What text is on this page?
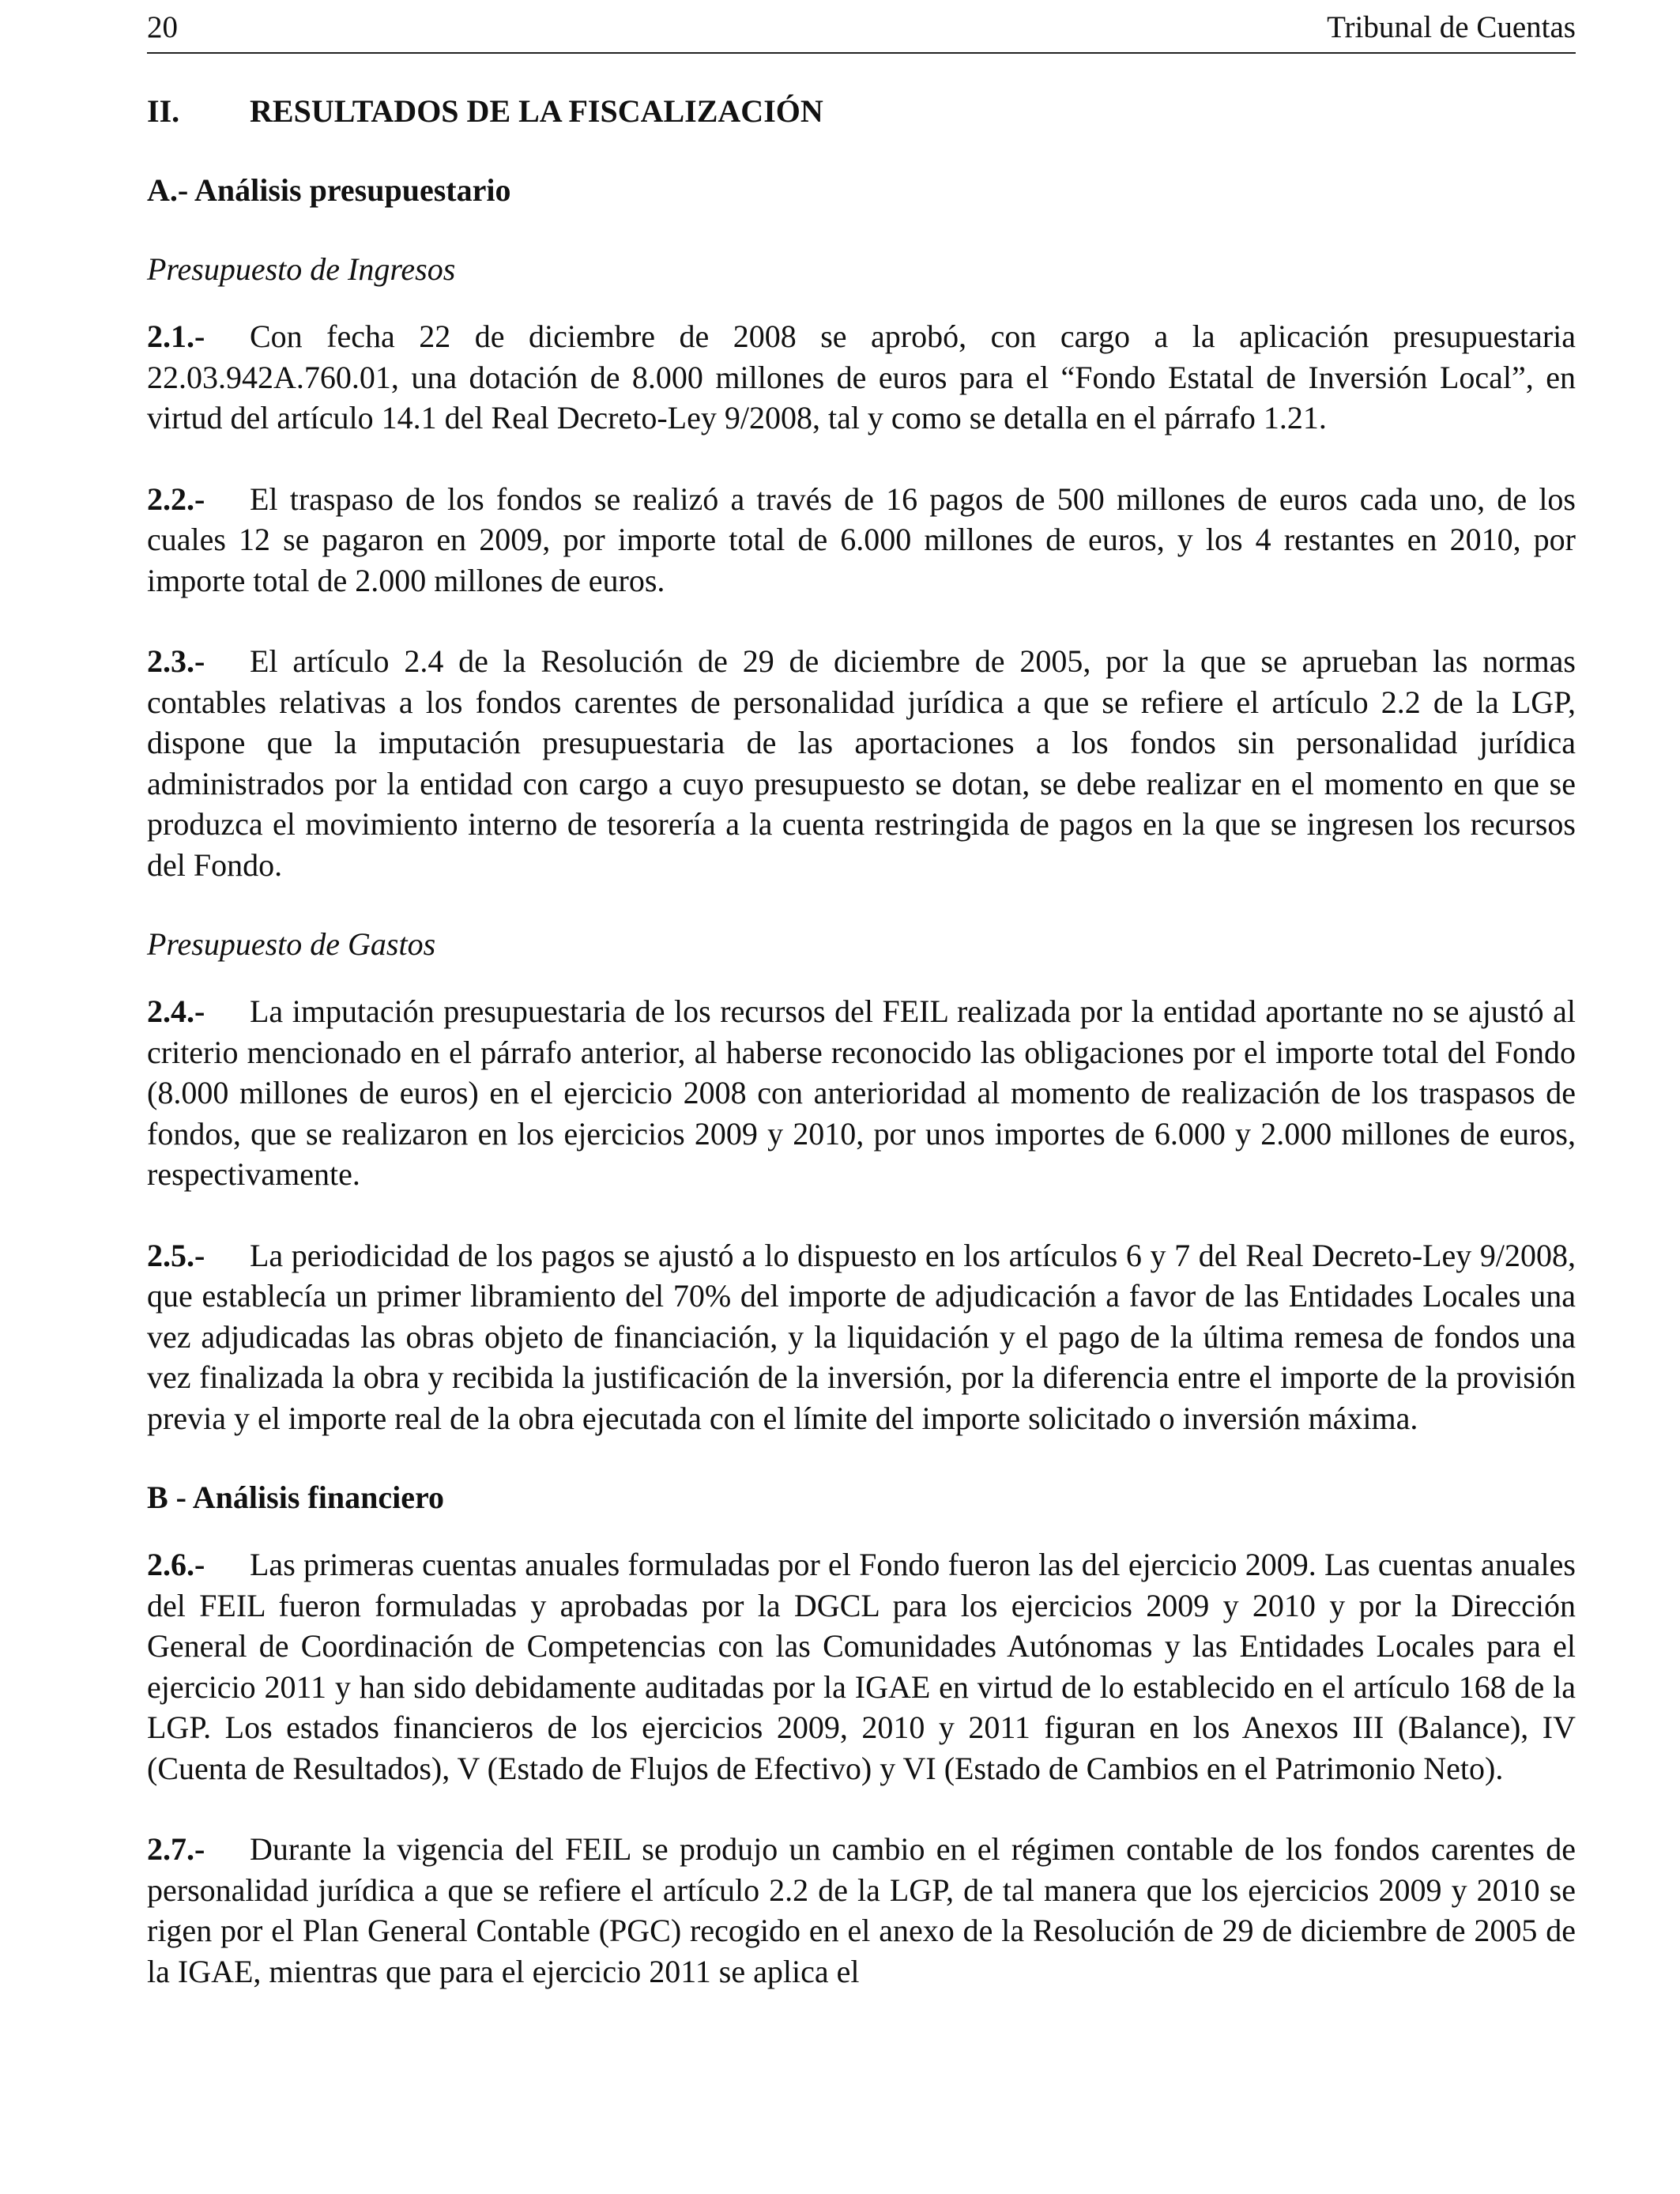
20	Tribunal de Cuentas
II.	RESULTADOS DE LA FISCALIZACIÓN
A.- Análisis presupuestario
Presupuesto de Ingresos

2.1.- Con fecha 22 de diciembre de 2008 se aprobó, con cargo a la aplicación presupuestaria 22.03.942A.760.01, una dotación de 8.000 millones de euros para el “Fondo Estatal de Inversión Local”, en virtud del artículo 14.1 del Real Decreto-Ley 9/2008, tal y como se detalla en el párrafo 1.21.

2.2.- El traspaso de los fondos se realizó a través de 16 pagos de 500 millones de euros cada uno, de los cuales 12 se pagaron en 2009, por importe total de 6.000 millones de euros, y los 4 restantes en 2010, por importe total de 2.000 millones de euros.

2.3.- El artículo 2.4 de la Resolución de 29 de diciembre de 2005, por la que se aprueban las normas contables relativas a los fondos carentes de personalidad jurídica a que se refiere el artículo 2.2 de la LGP, dispone que la imputación presupuestaria de las aportaciones a los fondos sin personalidad jurídica administrados por la entidad con cargo a cuyo presupuesto se dotan, se debe realizar en el momento en que se produzca el movimiento interno de tesorería a la cuenta restringida de pagos en la que se ingresen los recursos del Fondo.

Presupuesto de Gastos

2.4.- La imputación presupuestaria de los recursos del FEIL realizada por la entidad aportante no se ajustó al criterio mencionado en el párrafo anterior, al haberse reconocido las obligaciones por el importe total del Fondo (8.000 millones de euros) en el ejercicio 2008 con anterioridad al momento de realización de los traspasos de fondos, que se realizaron en los ejercicios 2009 y 2010, por unos importes de 6.000 y 2.000 millones de euros, respectivamente.

2.5.- La periodicidad de los pagos se ajustó a lo dispuesto en los artículos 6 y 7 del Real Decreto-Ley 9/2008, que establecía un primer libramiento del 70% del importe de adjudicación a favor de las Entidades Locales una vez adjudicadas las obras objeto de financiación, y la liquidación y el pago de la última remesa de fondos una vez finalizada la obra y recibida la justificación de la inversión, por la diferencia entre el importe de la provisión previa y el importe real de la obra ejecutada con el límite del importe solicitado o inversión máxima.

B - Análisis financiero

2.6.- Las primeras cuentas anuales formuladas por el Fondo fueron las del ejercicio 2009. Las cuentas anuales del FEIL fueron formuladas y aprobadas por la DGCL para los ejercicios 2009 y 2010 y por la Dirección General de Coordinación de Competencias con las Comunidades Autónomas y las Entidades Locales para el ejercicio 2011 y han sido debidamente auditadas por la IGAE en virtud de lo establecido en el artículo 168 de la LGP. Los estados financieros de los ejercicios 2009, 2010 y 2011 figuran en los Anexos III (Balance), IV (Cuenta de Resultados), V (Estado de Flujos de Efectivo) y VI (Estado de Cambios en el Patrimonio Neto).

2.7.- Durante la vigencia del FEIL se produjo un cambio en el régimen contable de los fondos carentes de personalidad jurídica a que se refiere el artículo 2.2 de la LGP, de tal manera que los ejercicios 2009 y 2010 se rigen por el Plan General Contable (PGC) recogido en el anexo de la Resolución de 29 de diciembre de 2005 de la IGAE, mientras que para el ejercicio 2011 se aplica el
